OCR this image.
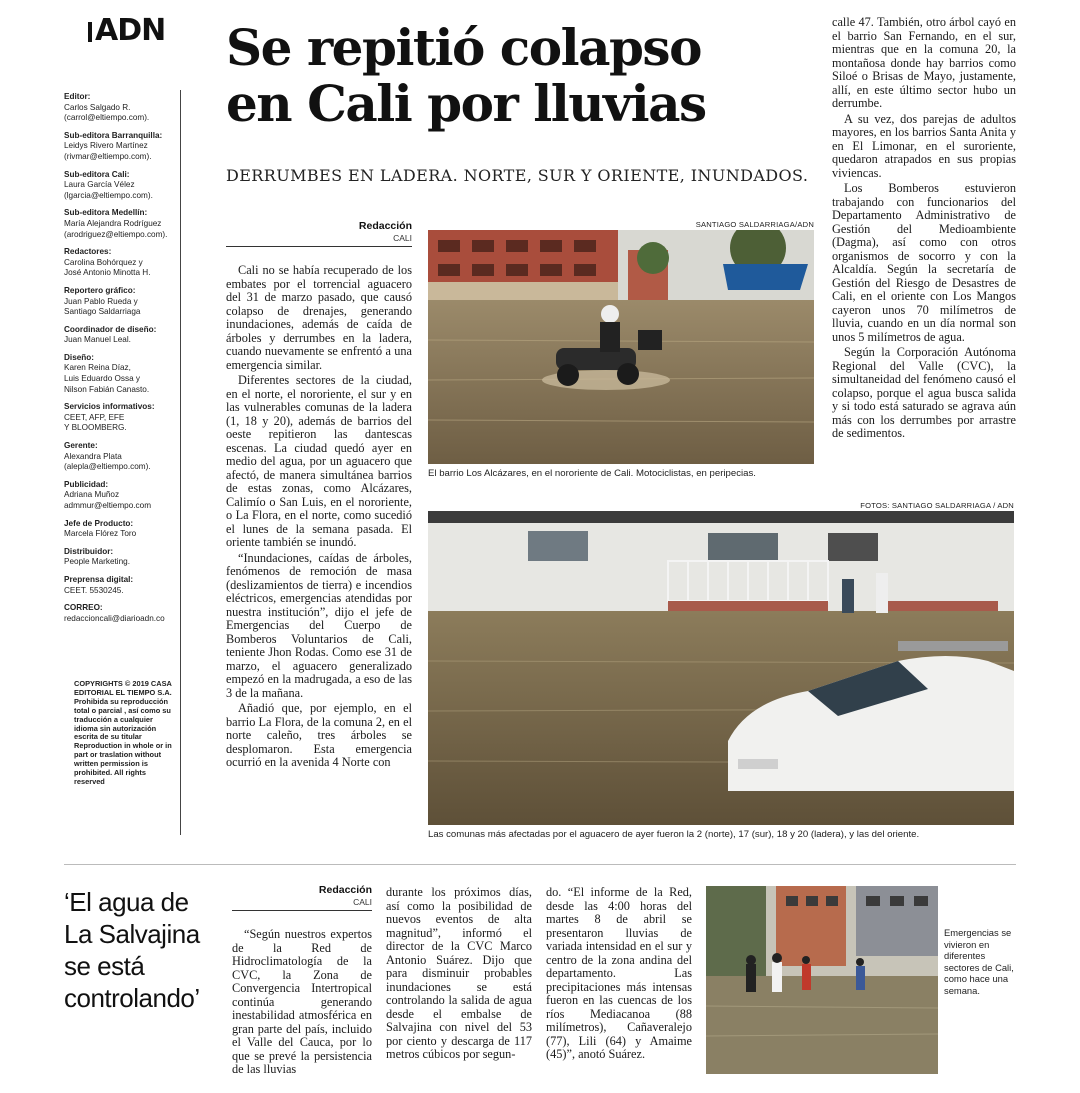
ADN
Editor:
Carlos Salgado R.
(carrol@eltiempo.com).
Sub-editora Barranquilla:
Leidys Rivero Martínez
(rivmar@eltiempo.com).
Sub-editora Cali:
Laura García Vélez
(lgarcia@eltiempo.com).
Sub-editora Medellín:
María Alejandra Rodríguez
(arodriguez@eltiempo.com).
Redactores:
Carolina Bohórquez y
José Antonio Minotta H.
Reportero gráfico:
Juan Pablo Rueda y
Santiago Saldarriaga
Coordinador de diseño:
Juan Manuel Leal.
Diseño:
Karen Reina Díaz,
Luis Eduardo Ossa y
Nilson Fabián Canasto.
Servicios informativos:
CEET, AFP, EFE
Y BLOOMBERG.
Gerente:
Alexandra Plata
(alepla@eltiempo.com).
Publicidad:
Adriana Muñoz
admmur@eltiempo.com
Jefe de Producto:
Marcela Flórez Toro
Distribuidor:
People Marketing.
Preprensa digital:
CEET. 5530245.
CORREO:
redaccioncali@diarioadn.co
COPYRIGHTS © 2019 CASA EDITORIAL EL TIEMPO S.A. Prohibida su reproducción total o parcial , así como su traducción a cualquier idioma sin autorización escrita de su titular Reproduction in whole or in part or traslation without written permission is prohibited. All rights reserved
Se repitió colapso
en Cali por lluvias
DERRUMBES EN LADERA. NORTE, SUR Y ORIENTE, INUNDADOS.
Redacción
CALI

Cali no se había recuperado de los embates por el torrencial aguacero del 31 de marzo pasado, que causó colapso de drenajes, generando inundaciones, además de caída de árboles y derrumbes en la ladera, cuando nuevamente se enfrentó a una emergencia similar.

Diferentes sectores de la ciudad, en el norte, el nororiente, el sur y en las vulnerables comunas de la ladera (1, 18 y 20), además de barrios del oeste repitieron las dantescas escenas. La ciudad quedó ayer en medio del agua, por un aguacero que afectó, de manera simultánea barrios de estas zonas, como Alcázares, Calimío o San Luis, en el nororiente, o La Flora, en el norte, como sucedió el lunes de la semana pasada. El oriente también se inundó.

“Inundaciones, caídas de árboles, fenómenos de remoción de masa (deslizamientos de tierra) e incendios eléctricos, emergencias atendidas por nuestra institución”, dijo el jefe de Emergencias del Cuerpo de Bomberos Voluntarios de Cali, teniente Jhon Rodas. Como ese 31 de marzo, el aguacero generalizado empezó en la madrugada, a eso de las 3 de la mañana.

Añadió que, por ejemplo, en el barrio La Flora, de la comuna 2, en el norte caleño, tres árboles se desplomaron. Esta emergencia ocurrió en la avenida 4 Norte con

calle 47. También, otro árbol cayó en el barrio San Fernando, en el sur, mientras que en la comuna 20, la montañosa donde hay barrios como Siloé o Brisas de Mayo, justamente, allí, en este último sector hubo un derrumbe.

A su vez, dos parejas de adultos mayores, en los barrios Santa Anita y en El Limonar, en el suroriente, quedaron atrapados en sus propias viviencas.

Los Bomberos estuvieron trabajando con funcionarios del Departamento Administrativo de Gestión del Medioambiente (Dagma), así como con otros organismos de socorro y con la Alcaldía. Según la secretaría de Gestión del Riesgo de Desastres de Cali, en el oriente con Los Mangos cayeron unos 70 milímetros de lluvia, cuando en un día normal son unos 5 milímetros de agua.

Según la Corporación Autónoma Regional del Valle (CVC), la simultaneidad del fenómeno causó el colapso, porque el agua busca salida y si todo está saturado se agrava aún más con los derrumbes por arrastre de sedimentos.

SANTIAGO SALDARRIAGA/ADN
El barrio Los Alcázares, en el nororiente de Cali. Motociclistas, en peripecias.
FOTOS: SANTIAGO SALDARRIAGA / ADN
Las comunas más afectadas por el aguacero de ayer fueron la 2 (norte), 17 (sur), 18 y 20 (ladera), y las del oriente.
‘El agua de
La Salvajina
se está
controlando’
Redacción
CALI

“Según nuestros expertos de la Red de Hidroclimatología de la CVC, la Zona de Convergencia Intertropical continúa generando inestabilidad atmosférica en gran parte del país, incluido el Valle del Cauca, por lo que se prevé la persistencia de las lluvias

durante los próximos días, así como la posibilidad de nuevos eventos de alta magnitud”, informó el director de la CVC Marco Antonio Suárez. Dijo que para disminuir probables inundaciones se está controlando la salida de agua desde el embalse de Salvajina con nivel del 53 por ciento y descarga de 117 metros cúbicos por segun-

do. “El informe de la Red, desde las 4:00 horas del martes 8 de abril se presentaron lluvias de variada intensidad en el sur y centro de la zona andina del departamento. Las precipitaciones más intensas fueron en las cuencas de los ríos Mediacanoa (88 milímetros), Cañaveralejo (77), Lili (64) y Amaime (45)”, anotó Suárez.

Emergencias se vivieron en diferentes sectores de Cali, como hace una semana.
